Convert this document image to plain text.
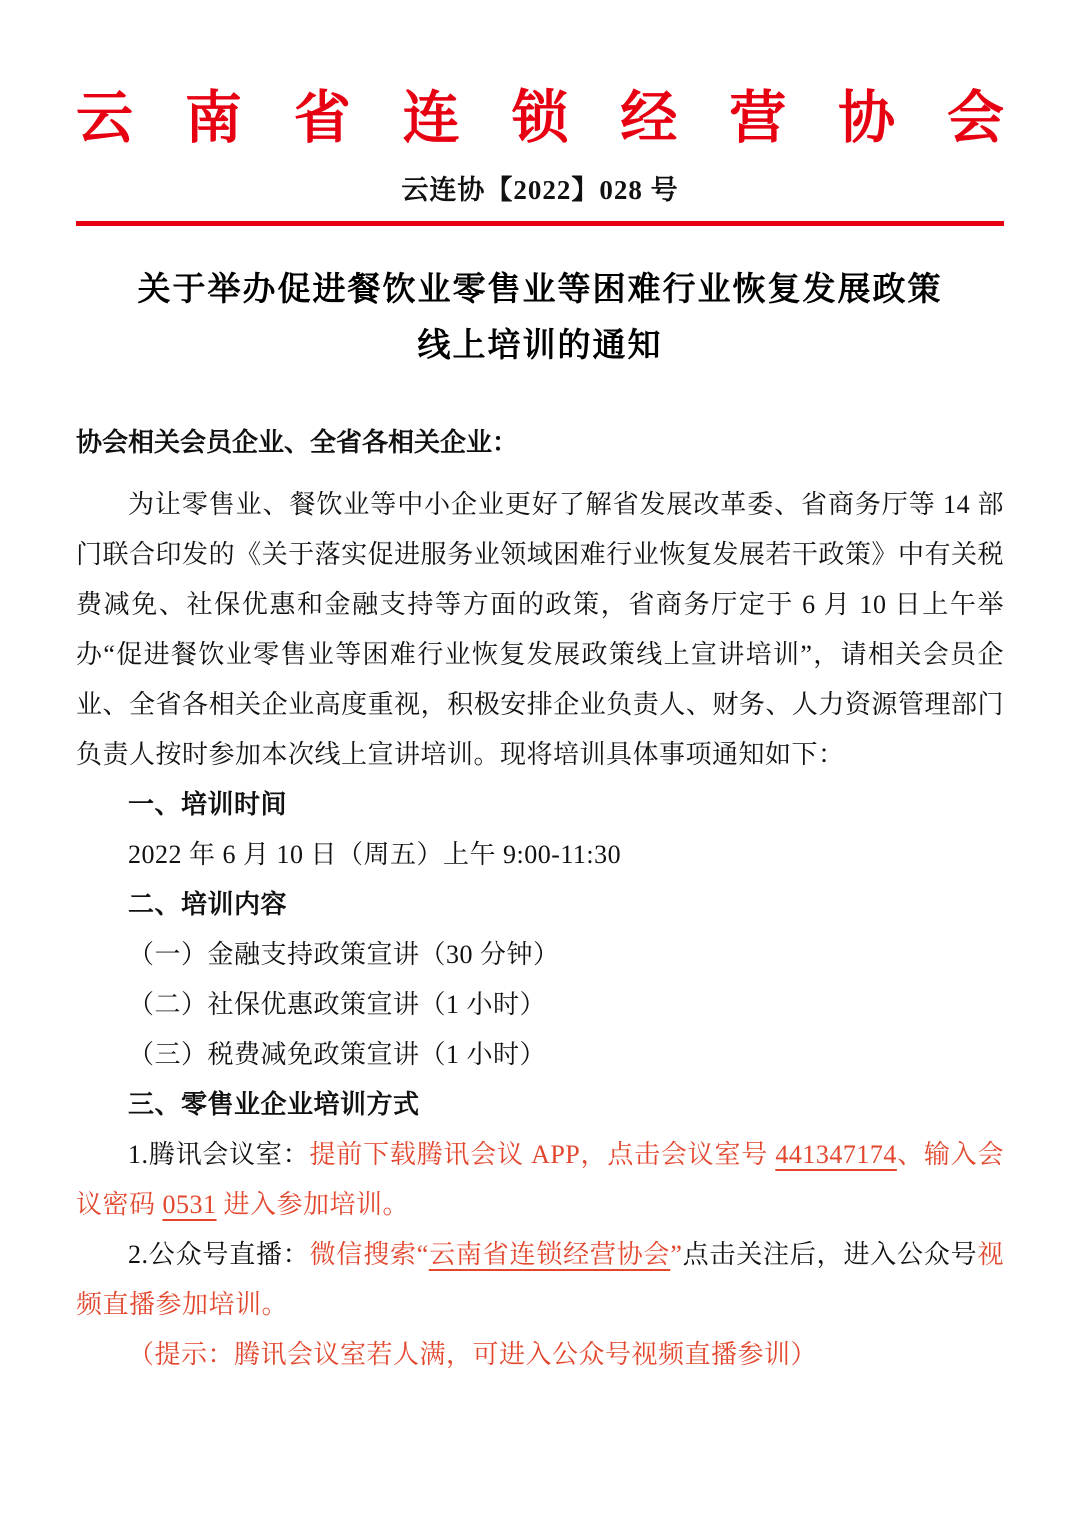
云 南 省 连 锁 经 营 协 会
云连协【2022】028 号
关于举办促进餐饮业零售业等困难行业恢复发展政策
线上培训的通知

协会相关会员企业、全省各相关企业：

为让零售业、餐饮业等中小企业更好了解省发展改革委、省商务厅等 14 部门联合印发的《关于落实促进服务业领域困难行业恢复发展若干政策》中有关税费减免、社保优惠和金融支持等方面的政策，省商务厅定于 6 月 10 日上午举办“促进餐饮业零售业等困难行业恢复发展政策线上宣讲培训”，请相关会员企业、全省各相关企业高度重视，积极安排企业负责人、财务、人力资源管理部门负责人按时参加本次线上宣讲培训。现将培训具体事项通知如下：

一、培训时间

2022 年 6 月 10 日（周五）上午 9:00-11:30

二、培训内容

（一）金融支持政策宣讲（30 分钟）

（二）社保优惠政策宣讲（1 小时）

（三）税费减免政策宣讲（1 小时）

三、零售业企业培训方式

1.腾讯会议室：提前下载腾讯会议 APP，点击会议室号 441347174、输入会议密码 0531 进入参加培训。

2.公众号直播：微信搜索“云南省连锁经营协会”点击关注后，进入公众号视频直播参加培训。

（提示：腾讯会议室若人满，可进入公众号视频直播参训）
